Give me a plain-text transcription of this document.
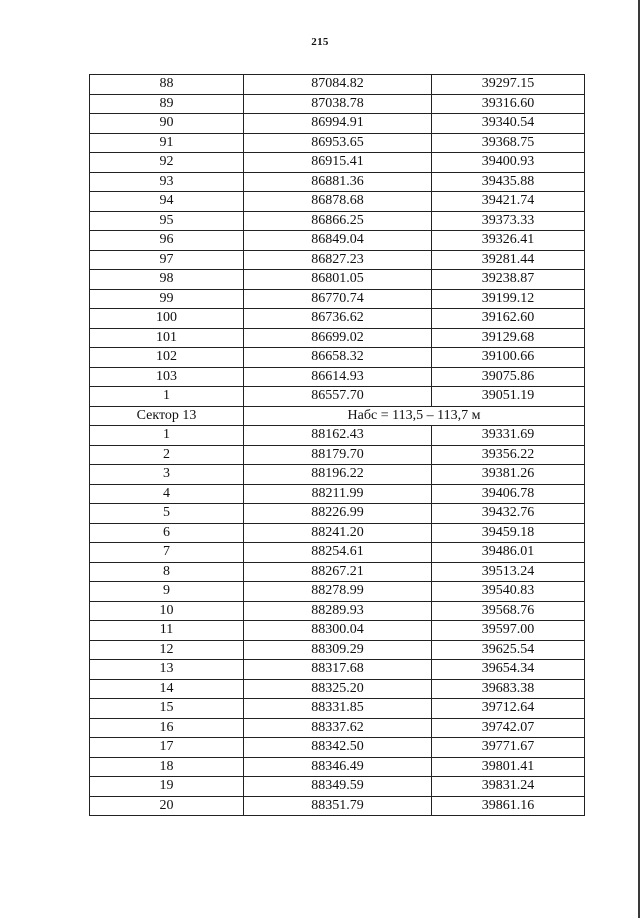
215
88	87084.82	39297.15
89	87038.78	39316.60
90	86994.91	39340.54
91	86953.65	39368.75
92	86915.41	39400.93
93	86881.36	39435.88
94	86878.68	39421.74
95	86866.25	39373.33
96	86849.04	39326.41
97	86827.23	39281.44
98	86801.05	39238.87
99	86770.74	39199.12
100	86736.62	39162.60
101	86699.02	39129.68
102	86658.32	39100.66
103	86614.93	39075.86
1	86557.70	39051.19
Сектор 13	Набс = 113,5 – 113,7 м	
1	88162.43	39331.69
2	88179.70	39356.22
3	88196.22	39381.26
4	88211.99	39406.78
5	88226.99	39432.76
6	88241.20	39459.18
7	88254.61	39486.01
8	88267.21	39513.24
9	88278.99	39540.83
10	88289.93	39568.76
11	88300.04	39597.00
12	88309.29	39625.54
13	88317.68	39654.34
14	88325.20	39683.38
15	88331.85	39712.64
16	88337.62	39742.07
17	88342.50	39771.67
18	88346.49	39801.41
19	88349.59	39831.24
20	88351.79	39861.16
